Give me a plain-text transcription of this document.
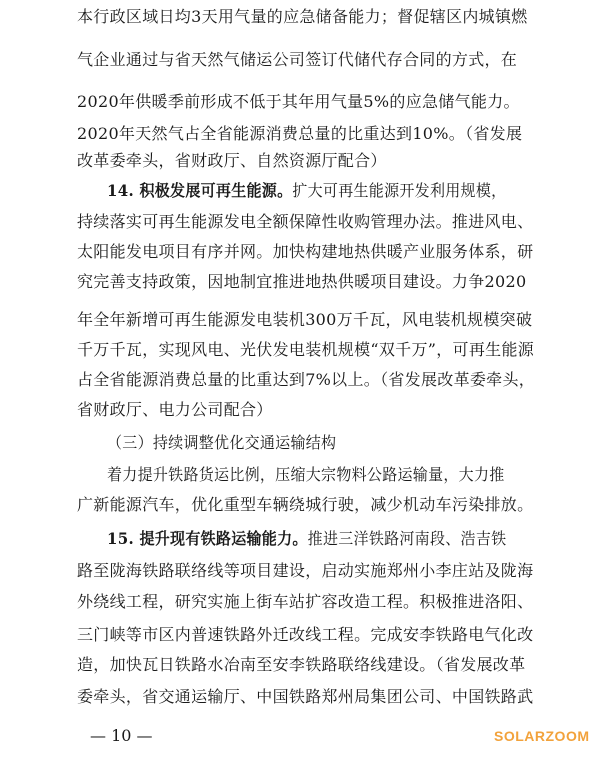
本行政区域日均3天用气量的应急储备能力；督促辖区内城镇燃
气企业通过与省天然气储运公司签订代储代存合同的方式，在
2020年供暖季前形成不低于其年用气量5%的应急储气能力。
2020年天然气占全省能源消费总量的比重达到10%。（省发展
改革委牵头，省财政厅、自然资源厅配合）
14. 积极发展可再生能源。扩大可再生能源开发利用规模，
持续落实可再生能源发电全额保障性收购管理办法。推进风电、
太阳能发电项目有序并网。加快构建地热供暖产业服务体系，研
究完善支持政策，因地制宜推进地热供暖项目建设。力争2020
年全年新增可再生能源发电装机300万千瓦，风电装机规模突破
千万千瓦，实现风电、光伏发电装机规模“双千万”，可再生能源
占全省能源消费总量的比重达到7%以上。（省发展改革委牵头，
省财政厅、电力公司配合）
（三）持续调整优化交通运输结构
着力提升铁路货运比例，压缩大宗物料公路运输量，大力推
广新能源汽车，优化重型车辆绕城行驶，减少机动车污染排放。
15. 提升现有铁路运输能力。推进三洋铁路河南段、浩吉铁
路至陇海铁路联络线等项目建设，启动实施郑州小李庄站及陇海
外绕线工程，研究实施上街车站扩容改造工程。积极推进洛阳、
三门峡等市区内普速铁路外迁改线工程。完成安李铁路电气化改
造，加快瓦日铁路水冶南至安李铁路联络线建设。（省发展改革
委牵头，省交通运输厅、中国铁路郑州局集团公司、中国铁路武
— 10 —	SOLARZOOM
